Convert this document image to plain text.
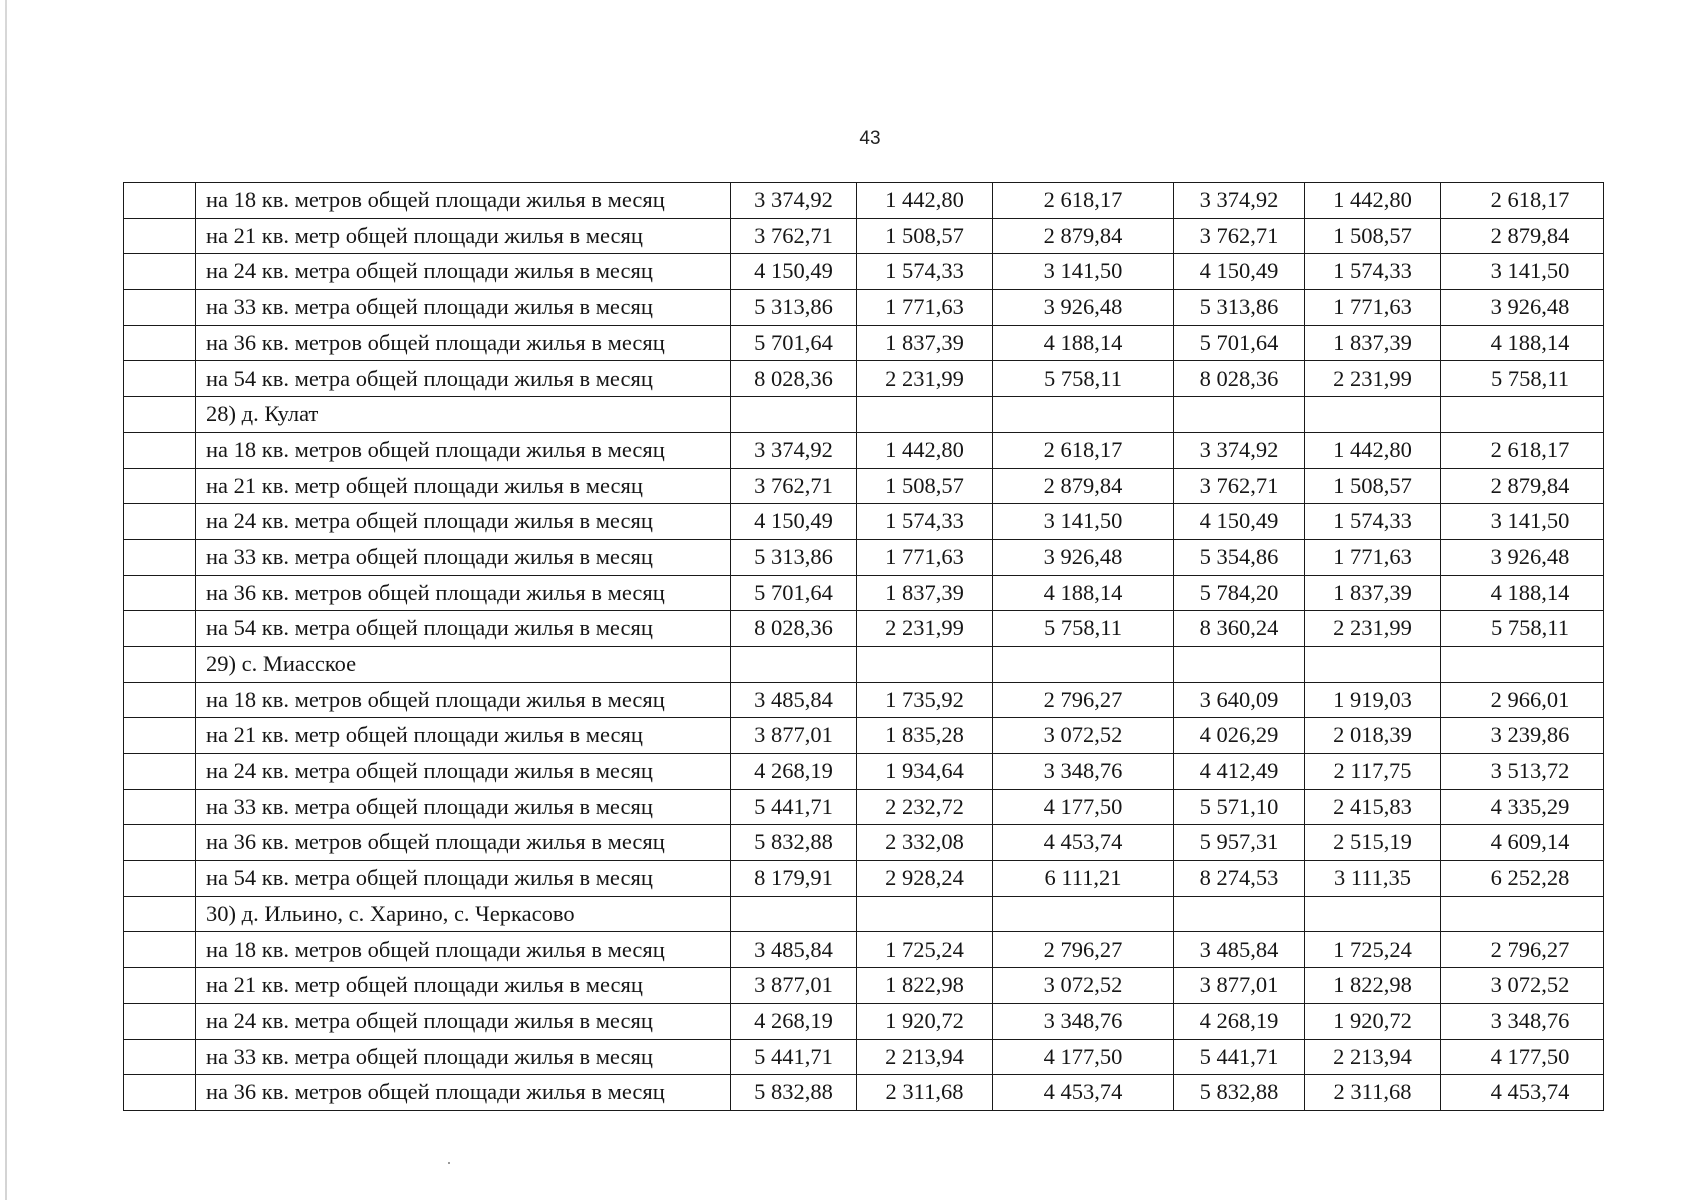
43
	на 18 кв. метров общей площади жилья в месяц	3 374,92	1 442,80	2 618,17	3 374,92	1 442,80	2 618,17
	на 21 кв. метр общей площади жилья в месяц	3 762,71	1 508,57	2 879,84	3 762,71	1 508,57	2 879,84
	на 24 кв. метра общей площади жилья в месяц	4 150,49	1 574,33	3 141,50	4 150,49	1 574,33	3 141,50
	на 33 кв. метра общей площади жилья в месяц	5 313,86	1 771,63	3 926,48	5 313,86	1 771,63	3 926,48
	на 36 кв. метров общей площади жилья в месяц	5 701,64	1 837,39	4 188,14	5 701,64	1 837,39	4 188,14
	на 54 кв. метра общей площади жилья в месяц	8 028,36	2 231,99	5 758,11	8 028,36	2 231,99	5 758,11
	28) д. Кулат						
	на 18 кв. метров общей площади жилья в месяц	3 374,92	1 442,80	2 618,17	3 374,92	1 442,80	2 618,17
	на 21 кв. метр общей площади жилья в месяц	3 762,71	1 508,57	2 879,84	3 762,71	1 508,57	2 879,84
	на 24 кв. метра общей площади жилья в месяц	4 150,49	1 574,33	3 141,50	4 150,49	1 574,33	3 141,50
	на 33 кв. метра общей площади жилья в месяц	5 313,86	1 771,63	3 926,48	5 354,86	1 771,63	3 926,48
	на 36 кв. метров общей площади жилья в месяц	5 701,64	1 837,39	4 188,14	5 784,20	1 837,39	4 188,14
	на 54 кв. метра общей площади жилья в месяц	8 028,36	2 231,99	5 758,11	8 360,24	2 231,99	5 758,11
	29) с. Миасское						
	на 18 кв. метров общей площади жилья в месяц	3 485,84	1 735,92	2 796,27	3 640,09	1 919,03	2 966,01
	на 21 кв. метр общей площади жилья в месяц	3 877,01	1 835,28	3 072,52	4 026,29	2 018,39	3 239,86
	на 24 кв. метра общей площади жилья в месяц	4 268,19	1 934,64	3 348,76	4 412,49	2 117,75	3 513,72
	на 33 кв. метра общей площади жилья в месяц	5 441,71	2 232,72	4 177,50	5 571,10	2 415,83	4 335,29
	на 36 кв. метров общей площади жилья в месяц	5 832,88	2 332,08	4 453,74	5 957,31	2 515,19	4 609,14
	на 54 кв. метра общей площади жилья в месяц	8 179,91	2 928,24	6 111,21	8 274,53	3 111,35	6 252,28
	30) д. Ильино, с. Харино, с. Черкасово						
	на 18 кв. метров общей площади жилья в месяц	3 485,84	1 725,24	2 796,27	3 485,84	1 725,24	2 796,27
	на 21 кв. метр общей площади жилья в месяц	3 877,01	1 822,98	3 072,52	3 877,01	1 822,98	3 072,52
	на 24 кв. метра общей площади жилья в месяц	4 268,19	1 920,72	3 348,76	4 268,19	1 920,72	3 348,76
	на 33 кв. метра общей площади жилья в месяц	5 441,71	2 213,94	4 177,50	5 441,71	2 213,94	4 177,50
	на 36 кв. метров общей площади жилья в месяц	5 832,88	2 311,68	4 453,74	5 832,88	2 311,68	4 453,74
